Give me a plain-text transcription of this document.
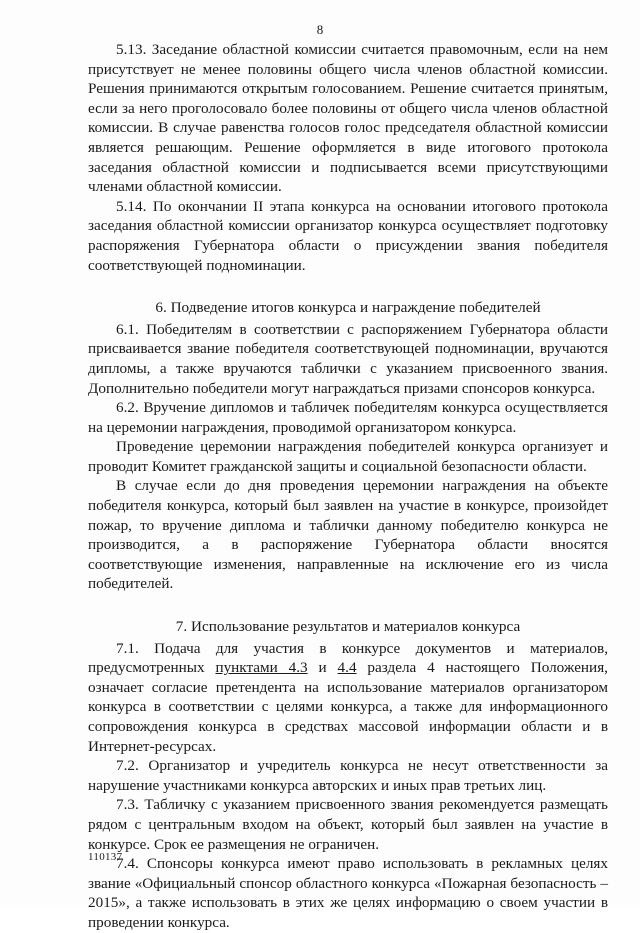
8

5.13. Заседание областной комиссии считается правомочным, если на нем присутствует не менее половины общего числа членов областной комиссии. Решения принимаются открытым голосованием. Решение считается принятым, если за него проголосовало более половины от общего числа членов областной комиссии. В случае равенства голосов голос председателя областной комиссии является решающим. Решение оформляется в виде итогового протокола заседания областной комиссии и подписывается всеми присутствующими членами областной комиссии.

5.14. По окончании II этапа конкурса на основании итогового протокола заседания областной комиссии организатор конкурса осуществляет подготовку распоряжения Губернатора области о присуждении звания победителя соответствующей подноминации.

6. Подведение итогов конкурса и награждение победителей

6.1. Победителям в соответствии с распоряжением Губернатора области присваивается звание победителя соответствующей подноминации, вручаются дипломы, а также вручаются таблички с указанием присвоенного звания. Дополнительно победители могут награждаться призами спонсоров конкурса.

6.2. Вручение дипломов и табличек победителям конкурса осуществляется на церемонии награждения, проводимой организатором конкурса.

Проведение церемонии награждения победителей конкурса организует и проводит Комитет гражданской защиты и социальной безопасности области.

В случае если до дня проведения церемонии награждения на объекте победителя конкурса, который был заявлен на участие в конкурсе, произойдет пожар, то вручение диплома и таблички данному победителю конкурса не производится, а в распоряжение Губернатора области вносятся соответствующие изменения, направленные на исключение его из числа победителей.

7. Использование результатов и материалов конкурса

7.1. Подача для участия в конкурсе документов и материалов, предусмотренных пунктами 4.3 и 4.4 раздела 4 настоящего Положения, означает согласие претендента на использование материалов организатором конкурса в соответствии с целями конкурса, а также для информационного сопровождения конкурса в средствах массовой информации области и в Интернет-ресурсах.

7.2. Организатор и учредитель конкурса не несут ответственности за нарушение участниками конкурса авторских и иных прав третьих лиц.

7.3. Табличку с указанием присвоенного звания рекомендуется размещать рядом с центральным входом на объект, который был заявлен на участие в конкурсе. Срок ее размещения не ограничен.

7.4. Спонсоры конкурса имеют право использовать в рекламных целях звание «Официальный спонсор областного конкурса «Пожарная безопасность – 2015», а также использовать в этих же целях информацию о своем участии в проведении конкурса.

110137
